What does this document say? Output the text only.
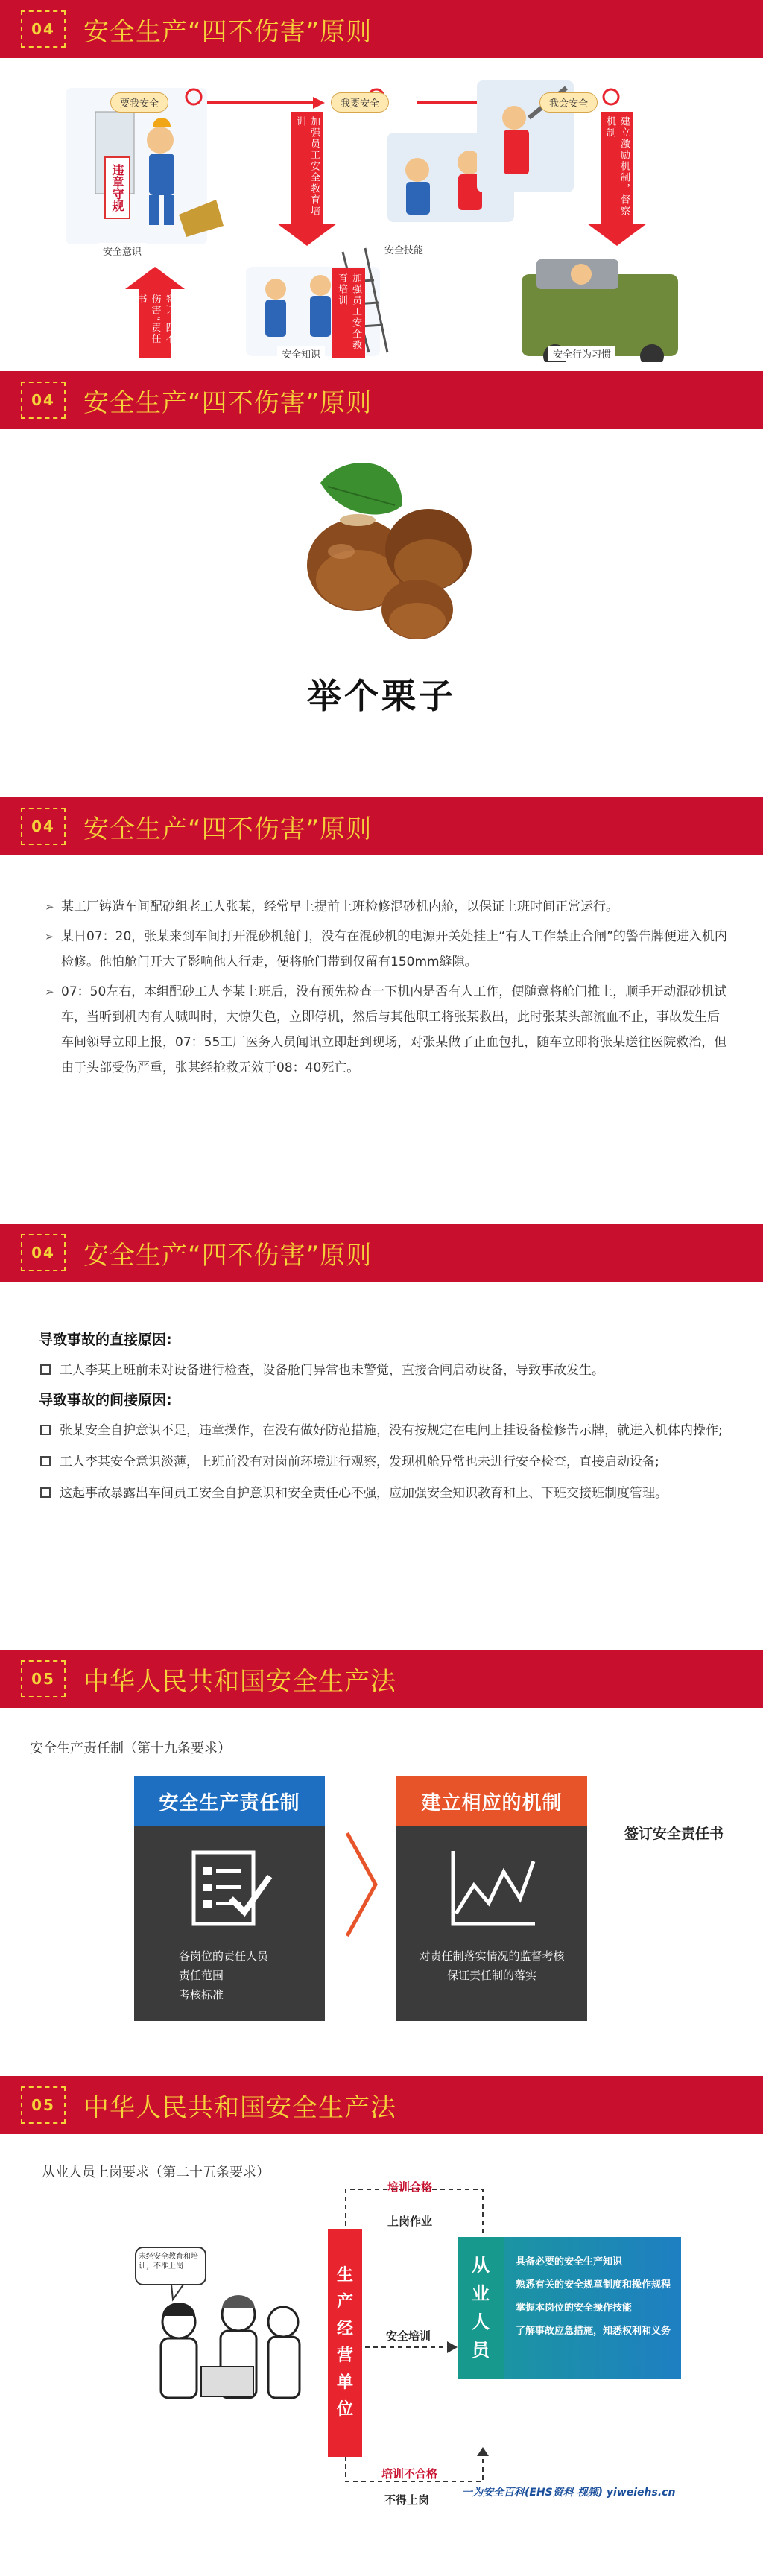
04	安全生产“四不伤害”原则
要我安全	我要安全	我会安全
违章守规	加强员工安全教育培训
加强员工安全教育培训
建立激励机制，督察机制
签订“四不伤害”责任书
安全意识	安全技能
安全知识	安全行为习惯
04	安全生产“四不伤害”原则
举个栗子
04	安全生产“四不伤害”原则
➢ 某工厂铸造车间配砂组老工人张某，经常早上提前上班检修混砂机内舱，以保证上班时间正常运行。
➢ 某日07：20，张某来到车间打开混砂机舱门，没有在混砂机的电源开关处挂上“有人工作禁止合闸”的警告牌便进入机内检修。他怕舱门开大了影响他人行走，便将舱门带到仅留有150mm缝隙。
➢ 07：50左右，本组配砂工人李某上班后，没有预先检查一下机内是否有人工作，便随意将舱门推上，顺手开动混砂机试车，当听到机内有人喊叫时，大惊失色，立即停机，然后与其他职工将张某救出，此时张某头部流血不止，事故发生后车间领导立即上报，07：55工厂医务人员闻讯立即赶到现场，对张某做了止血包扎，随车立即将张某送往医院救治，但由于头部受伤严重，张某经抢救无效于08：40死亡。
04	安全生产“四不伤害”原则
导致事故的直接原因:
工人李某上班前未对设备进行检查，设备舱门异常也未警觉，直接合闸启动设备，导致事故发生。
导致事故的间接原因:
张某安全自护意识不足，违章操作，在没有做好防范措施，没有按规定在电闸上挂设备检修告示牌，就进入机体内操作;
工人李某安全意识淡薄，上班前没有对岗前环境进行观察，发现机舱异常也未进行安全检查，直接启动设备;
这起事故暴露出车间员工安全自护意识和安全责任心不强，应加强安全知识教育和上、下班交接班制度管理。
05	中华人民共和国安全生产法
安全生产责任制（第十九条要求）
安全生产责任制
各岗位的责任人员
责任范围
考核标准
建立相应的机制
对责任制落实情况的监督考核
保证责任制的落实
签订安全责任书
05	中华人民共和国安全生产法
从业人员上岗要求（第二十五条要求）
未经安全教育和培训，不准上岗
培训合格
上岗作业
安全培训
培训不合格
不得上岗
生
产
经
营
单
位
从
业
人
员
具备必要的安全生产知识
熟悉有关的安全规章制度和操作规程
掌握本岗位的安全操作技能
了解事故应急措施，知悉权利和义务
一为安全百科(EHS资料 视频) yiweiehs.cn
